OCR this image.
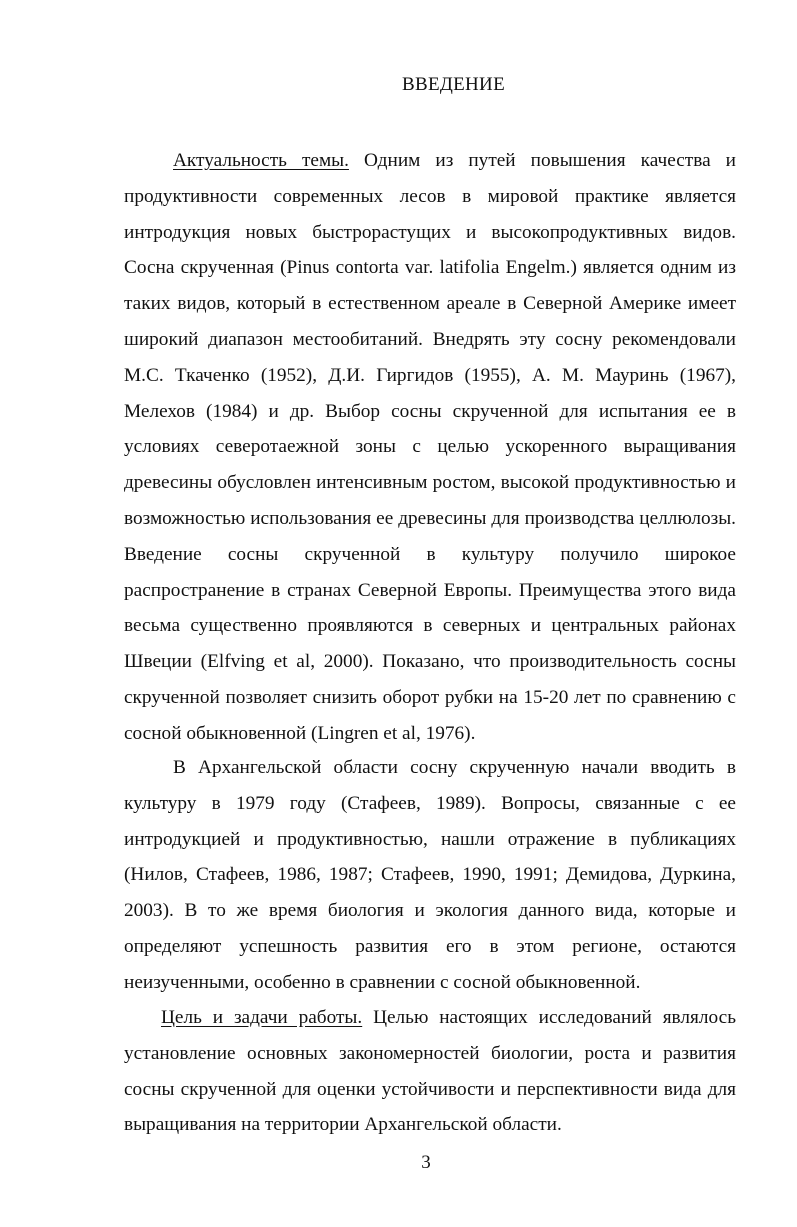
ВВЕДЕНИЕ

Актуальность темы. Одним из путей повышения качества и продуктивности современных лесов в мировой практике является интродукция новых быстрорастущих и высокопродуктивных видов. Сосна скрученная (Pinus contorta var. latifolia Engelm.) является одним из таких видов, который в естественном ареале в Северной Америке имеет широкий диапазон местообитаний. Внедрять эту сосну рекомендовали М.С. Ткаченко (1952), Д.И. Гиргидов (1955), А. М. Мауринь (1967), Мелехов (1984) и др. Выбор сосны скрученной для испытания ее в условиях северотаежной зоны с целью ускоренного выращивания древесины обусловлен интенсивным ростом, высокой продуктивностью и возможностью использования ее древесины для производства целлюлозы. Введение сосны скрученной в культуру получило широкое распространение в странах Северной Европы. Преимущества этого вида весьма существенно проявляются в северных и центральных районах Швеции (Elfving et al, 2000). Показано, что производительность сосны скрученной позволяет снизить оборот рубки на 15-20 лет по сравнению с сосной обыкновенной (Lingren et al, 1976).

В Архангельской области сосну скрученную начали вводить в культуру в 1979 году (Стафеев, 1989). Вопросы, связанные с ее интродукцией и продуктивностью, нашли отражение в публикациях (Нилов, Стафеев, 1986, 1987; Стафеев, 1990, 1991; Демидова, Дуркина, 2003). В то же время биология и экология данного вида, которые и определяют успешность развития его в этом регионе, остаются неизученными, особенно в сравнении с сосной обыкновенной.

Цель и задачи работы. Целью настоящих исследований являлось установление основных закономерностей биологии, роста и развития сосны скрученной для оценки устойчивости и перспективности вида для выращивания на территории Архангельской области.

3
